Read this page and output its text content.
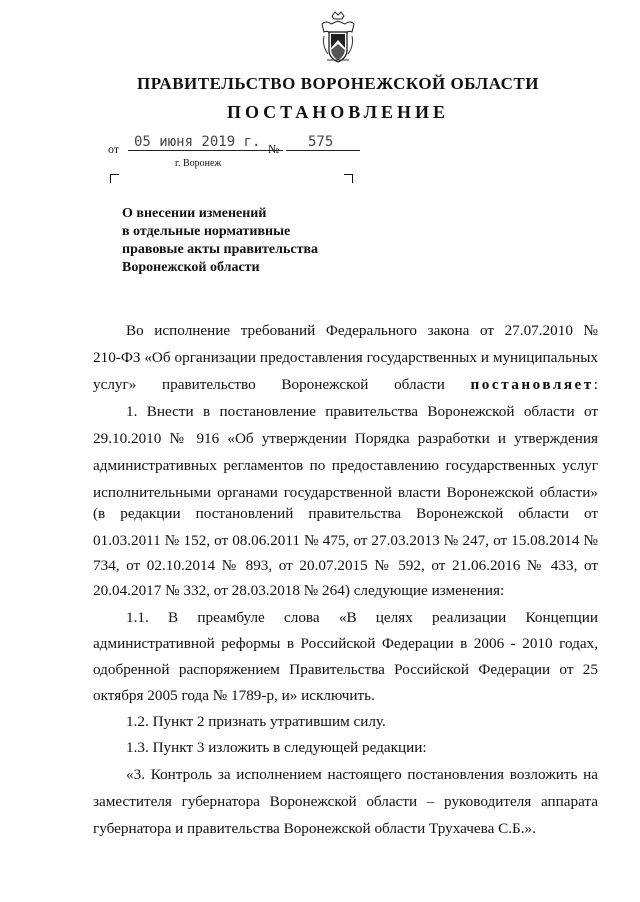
ПРАВИТЕЛЬСТВО ВОРОНЕЖСКОЙ ОБЛАСТИ
ПОСТАНОВЛЕНИЕ
от	05 июня 2019 г. №	575
г. Воронеж
О внесении изменений
в отдельные нормативные
правовые акты правительства
Воронежской области
Во исполнение требований Федерального закона от 27.07.2010 №
210-ФЗ «Об организации предоставления государственных и муниципальных
услуг» правительство Воронежской области постановляет:
1. Внести в постановление правительства Воронежской области от
29.10.2010 № 916 «Об утверждении Порядка разработки и утверждения
административных регламентов по предоставлению государственных услуг
исполнительными органами государственной власти Воронежской области»
(в редакции постановлений правительства Воронежской области от
01.03.2011 № 152, от 08.06.2011 № 475, от 27.03.2013 № 247, от 15.08.2014 №
734, от 02.10.2014 № 893, от 20.07.2015 № 592, от 21.06.2016 № 433, от
20.04.2017 № 332, от 28.03.2018 № 264) следующие изменения:
1.1. В преамбуле слова «В целях реализации Концепции
административной реформы в Российской Федерации в 2006 - 2010 годах,
одобренной распоряжением Правительства Российской Федерации от 25
октября 2005 года № 1789-р, и» исключить.
1.2. Пункт 2 признать утратившим силу.
1.3. Пункт 3 изложить в следующей редакции:
«3. Контроль за исполнением настоящего постановления возложить на
заместителя губернатора Воронежской области – руководителя аппарата
губернатора и правительства Воронежской области Трухачева С.Б.».
